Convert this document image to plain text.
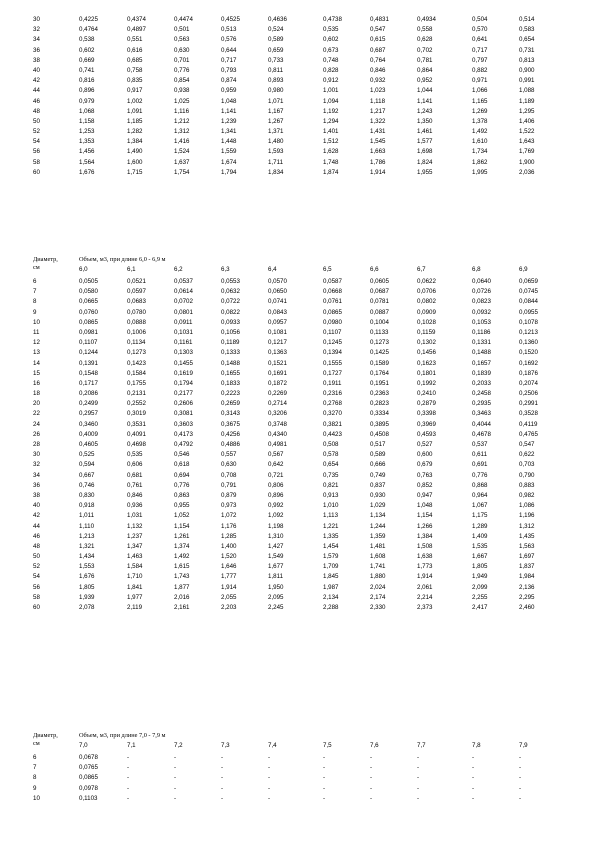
30	0,4225	0,4374	0,4474	0,4525	0,4636	0,4738	0,4831	0,4934	0,504	0,514
32	0,4764	0,4897	0,501	0,513	0,524	0,535	0,547	0,558	0,570	0,583
34	0,538	0,551	0,563	0,576	0,589	0,602	0,615	0,628	0,641	0,654
36	0,602	0,616	0,630	0,644	0,659	0,673	0,687	0,702	0,717	0,731
38	0,669	0,685	0,701	0,717	0,733	0,748	0,764	0,781	0,797	0,813
40	0,741	0,758	0,776	0,793	0,811	0,828	0,846	0,864	0,882	0,900
42	0,816	0,835	0,854	0,874	0,893	0,912	0,932	0,952	0,971	0,991
44	0,896	0,917	0,938	0,959	0,980	1,001	1,023	1,044	1,066	1,088
46	0,979	1,002	1,025	1,048	1,071	1,094	1,118	1,141	1,165	1,189
48	1,068	1,091	1,116	1,141	1,167	1,192	1,217	1,243	1,269	1,295
50	1,158	1,185	1,212	1,239	1,267	1,294	1,322	1,350	1,378	1,406
52	1,253	1,282	1,312	1,341	1,371	1,401	1,431	1,461	1,492	1,522
54	1,353	1,384	1,416	1,448	1,480	1,512	1,545	1,577	1,610	1,643
56	1,456	1,490	1,524	1,559	1,593	1,628	1,663	1,698	1,734	1,769
58	1,564	1,600	1,637	1,674	1,711	1,748	1,786	1,824	1,862	1,900
60	1,676	1,715	1,754	1,794	1,834	1,874	1,914	1,955	1,995	2,036
Диаметр,
см
Объем, м3, при длине 6,0 - 6,9 м
6,0	6,1	6,2	6,3	6,4	6,5	6,6	6,7	6,8	6,9
6	0,0505	0,0521	0,0537	0,0553	0,0570	0,0587	0,0605	0,0622	0,0640	0,0659
7	0,0580	0,0597	0,0614	0,0632	0,0650	0,0668	0,0687	0,0706	0,0726	0,0745
8	0,0665	0,0683	0,0702	0,0722	0,0741	0,0761	0,0781	0,0802	0,0823	0,0844
9	0,0760	0,0780	0,0801	0,0822	0,0843	0,0865	0,0887	0,0909	0,0932	0,0955
10	0,0865	0,0888	0,0911	0,0933	0,0957	0,0980	0,1004	0,1028	0,1053	0,1078
11	0,0981	0,1006	0,1031	0,1056	0,1081	0,1107	0,1133	0,1159	0,1186	0,1213
12	0,1107	0,1134	0,1161	0,1189	0,1217	0,1245	0,1273	0,1302	0,1331	0,1360
13	0,1244	0,1273	0,1303	0,1333	0,1363	0,1394	0,1425	0,1456	0,1488	0,1520
14	0,1391	0,1423	0,1455	0,1488	0,1521	0,1555	0,1589	0,1623	0,1657	0,1692
15	0,1548	0,1584	0,1619	0,1655	0,1691	0,1727	0,1764	0,1801	0,1839	0,1876
16	0,1717	0,1755	0,1794	0,1833	0,1872	0,1911	0,1951	0,1992	0,2033	0,2074
18	0,2086	0,2131	0,2177	0,2223	0,2269	0,2316	0,2363	0,2410	0,2458	0,2506
20	0,2499	0,2552	0,2606	0,2659	0,2714	0,2768	0,2823	0,2879	0,2935	0,2991
22	0,2957	0,3019	0,3081	0,3143	0,3206	0,3270	0,3334	0,3398	0,3463	0,3528
24	0,3460	0,3531	0,3603	0,3675	0,3748	0,3821	0,3895	0,3969	0,4044	0,4119
26	0,4009	0,4091	0,4173	0,4256	0,4340	0,4423	0,4508	0,4593	0,4678	0,4765
28	0,4605	0,4698	0,4792	0,4886	0,4981	0,508	0,517	0,527	0,537	0,547
30	0,525	0,535	0,546	0,557	0,567	0,578	0,589	0,600	0,611	0,622
32	0,594	0,606	0,618	0,630	0,642	0,654	0,666	0,679	0,691	0,703
34	0,667	0,681	0,694	0,708	0,721	0,735	0,749	0,763	0,776	0,790
36	0,746	0,761	0,776	0,791	0,806	0,821	0,837	0,852	0,868	0,883
38	0,830	0,846	0,863	0,879	0,896	0,913	0,930	0,947	0,964	0,982
40	0,918	0,936	0,955	0,973	0,992	1,010	1,029	1,048	1,067	1,086
42	1,011	1,031	1,052	1,072	1,092	1,113	1,134	1,154	1,175	1,196
44	1,110	1,132	1,154	1,176	1,198	1,221	1,244	1,266	1,289	1,312
46	1,213	1,237	1,261	1,285	1,310	1,335	1,359	1,384	1,409	1,435
48	1,321	1,347	1,374	1,400	1,427	1,454	1,481	1,508	1,535	1,563
50	1,434	1,463	1,492	1,520	1,549	1,579	1,608	1,638	1,667	1,697
52	1,553	1,584	1,615	1,646	1,677	1,709	1,741	1,773	1,805	1,837
54	1,676	1,710	1,743	1,777	1,811	1,845	1,880	1,914	1,949	1,984
56	1,805	1,841	1,877	1,914	1,950	1,987	2,024	2,061	2,099	2,136
58	1,939	1,977	2,016	2,055	2,095	2,134	2,174	2,214	2,255	2,295
60	2,078	2,119	2,161	2,203	2,245	2,288	2,330	2,373	2,417	2,460
Диаметр,
см
Объем, м3, при длине 7,0 - 7,9 м
7,0	7,1	7,2	7,3	7,4	7,5	7,6	7,7	7,8	7,9
6	0,0678	-	-	-	-	-	-	-	-	-
7	0,0765	-	-	-	-	-	-	-	-	-
8	0,0865	-	-	-	-	-	-	-	-	-
9	0,0978	-	-	-	-	-	-	-	-	-
10	0,1103	-	-	-	-	-	-	-	-	-
